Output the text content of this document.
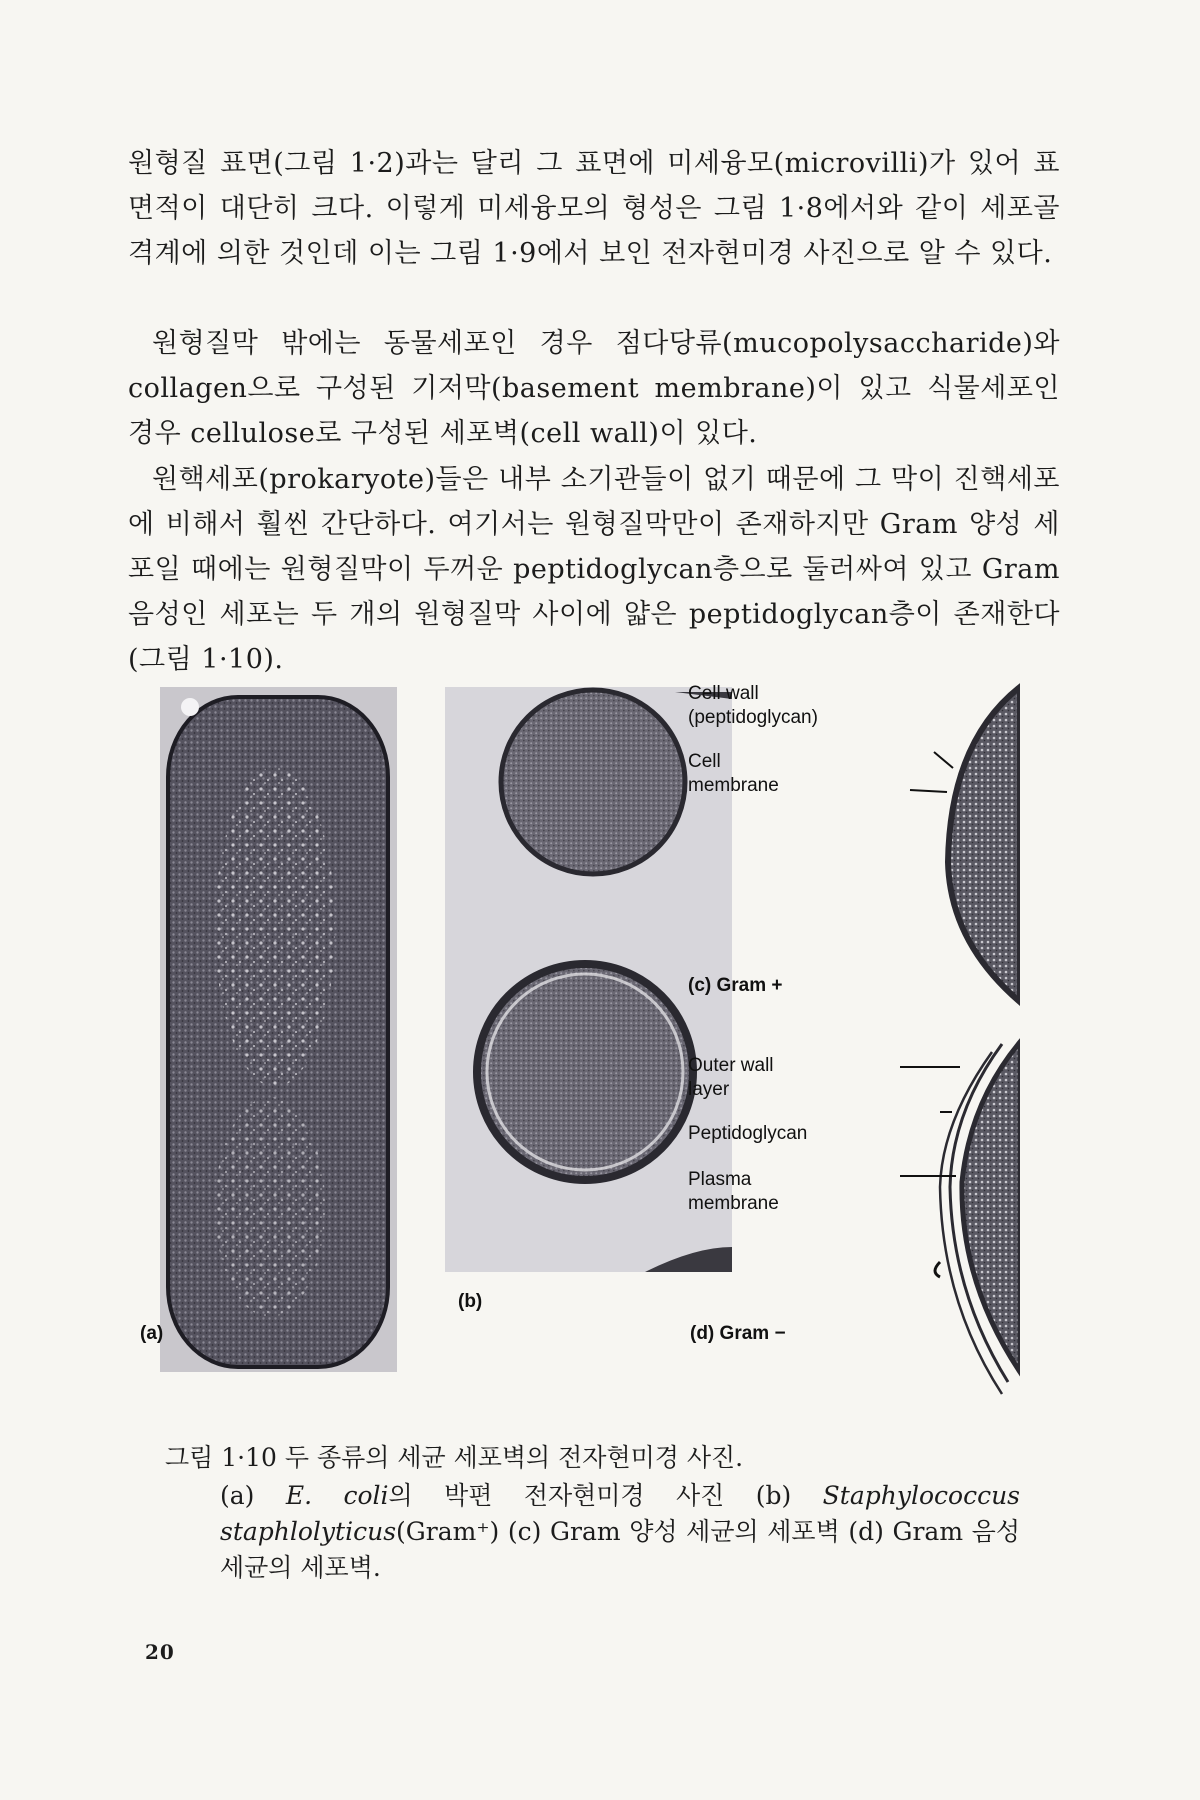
원형질 표면(그림 1·2)과는 달리 그 표면에 미세융모(microvilli)가 있어 표면적이 대단히 크다. 이렇게 미세융모의 형성은 그림 1·8에서와 같이 세포골격계에 의한 것인데 이는 그림 1·9에서 보인 전자현미경 사진으로 알 수 있다.

원형질막 밖에는 동물세포인 경우 점다당류(mucopolysaccharide)와 collagen으로 구성된 기저막(basement membrane)이 있고 식물세포인 경우 cellulose로 구성된 세포벽(cell wall)이 있다.

원핵세포(prokaryote)들은 내부 소기관들이 없기 때문에 그 막이 진핵세포에 비해서 훨씬 간단하다. 여기서는 원형질막만이 존재하지만 Gram 양성 세포일 때에는 원형질막이 두꺼운 peptidoglycan층으로 둘러싸여 있고 Gram음성인 세포는 두 개의 원형질막 사이에 얇은 peptidoglycan층이 존재한다(그림 1·10).

(b)
Cell wall
(peptidoglycan)
Cell
membrane
(c) Gram +
Outer wall
layer
Peptidoglycan
Plasma
membrane
(d) Gram −
(a)
그림 1·10 두 종류의 세균 세포벽의 전자현미경 사진.
(a) E. coli의 박편 전자현미경 사진 (b) Staphylococcus staphlolyticus(Gram⁺) (c) Gram 양성 세균의 세포벽 (d) Gram 음성 세균의 세포벽.
20
